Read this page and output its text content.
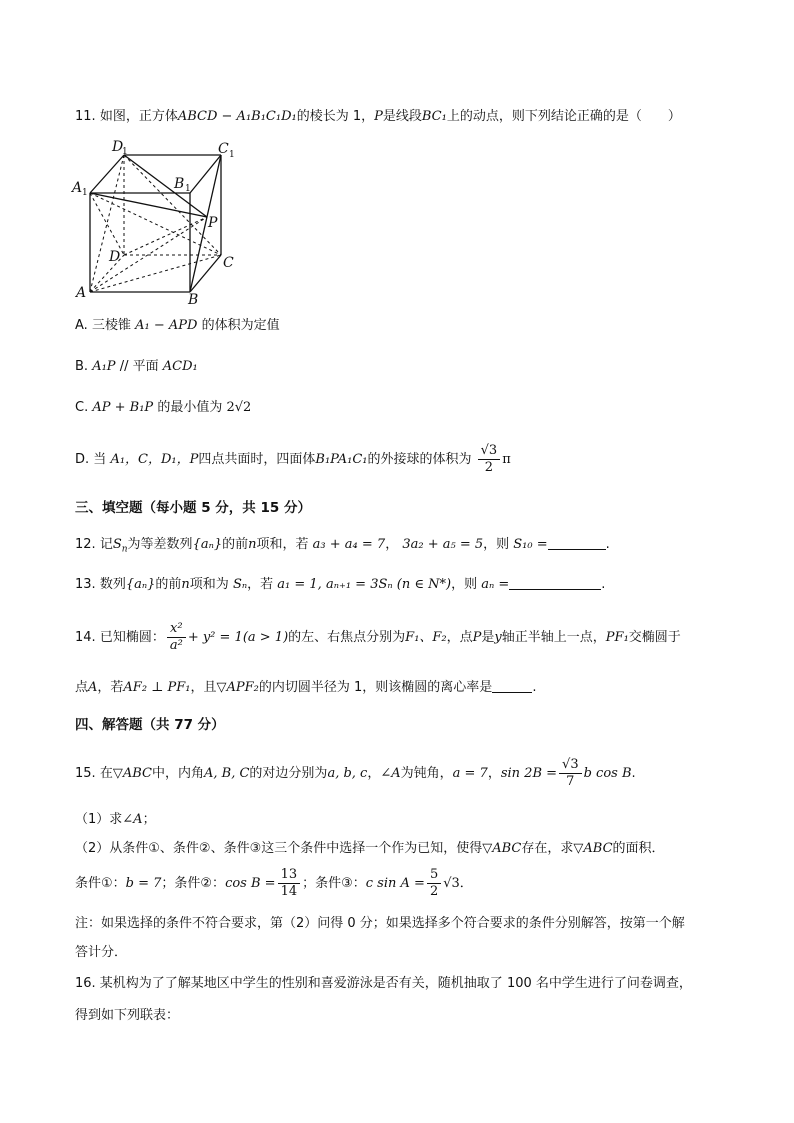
11. 如图，正方体ABCD − A₁B₁C₁D₁的棱长为 1，P是线段BC₁上的动点，则下列结论正确的是（　　）
D
1	C 1
A 1
B 1
P
D	C
A	B
A. 三棱锥 A₁ − APD 的体积为定值
B. A₁P // 平面 ACD₁
C. AP + B₁P 的最小值为 2√2
D. 当 A₁，C，D₁，P四点共面时，四面体B₁PA₁C₁的外接球的体积为 $\frac{√3}{2}$ π
三、填空题（每小题 5 分，共 15 分）
12. 记$S_n$为等差数列{aₙ}的前n项和，若 a₃ + a₄ = 7， 3a₂ + a₅ = 5，则 S₁₀ =	.
13. 数列{aₙ}的前n项和为 Sₙ，若 a₁ = 1, aₙ₊₁ = 3Sₙ (n ∈ N*)，则 aₙ =	.
14. 已知椭圆： $\frac{\text{x²}}{\text{a²}} + y^2 = 1(a > 1)$的左、右焦点分别为F₁、F₂，点P是y轴正半轴上一点，PF₁交椭圆于
点A，若AF₂ ⊥ PF₁，且▽APF₂的内切圆半径为 1，则该椭圆的离心率是	.
四、解答题（共 77 分）
15. 在▽ABC中，内角A, B, C的对边分别为a, b, c，∠A为钝角，a = 7，$\sin 2B = \frac{√3}{7}$ b cos B.
（1）求∠A；
（2）从条件①、条件②、条件③这三个条件中选择一个作为已知，使得▽ABC存在，求▽ABC的面积．
条件①：b = 7；条件②：$\cos B = \frac{13}{14}$ ；条件③：c $\sin A = \frac{5}{2} √3$．
注：如果选择的条件不符合要求，第（2）问得 0 分；如果选择多个符合要求的条件分别解答，按第一个解
答计分．
16. 某机构为了了解某地区中学生的性别和喜爱游泳是否有关，随机抽取了 100 名中学生进行了问卷调查，
得到如下列联表：
